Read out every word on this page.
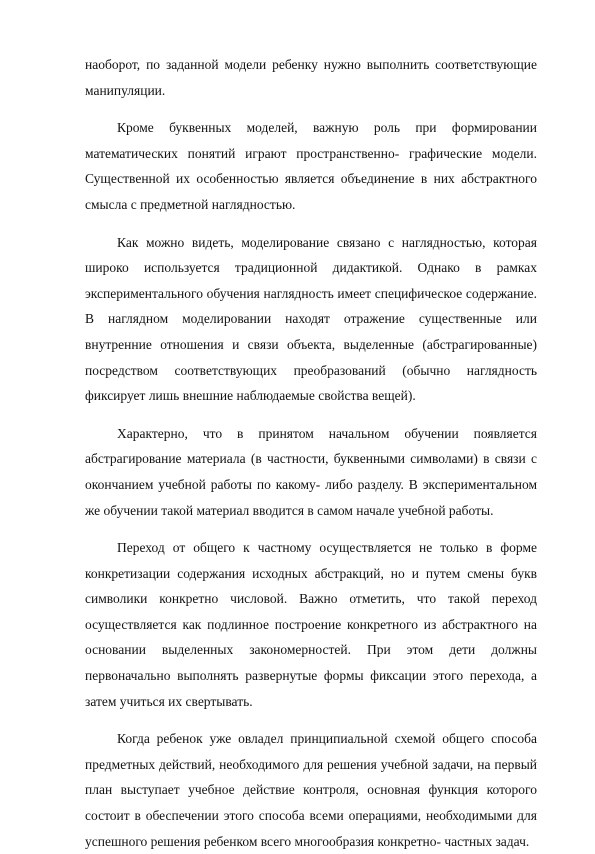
наоборот, по заданной модели ребенку нужно выполнить соответствующие манипуляции.

Кроме буквенных моделей, важную роль при формировании математических понятий играют пространственно- графические модели. Существенной их особенностью является объединение в них абстрактного смысла с предметной наглядностью.

Как можно видеть, моделирование связано с наглядностью, которая широко используется традиционной дидактикой. Однако в рамках экспериментального обучения наглядность имеет специфическое содержание. В наглядном моделировании находят отражение существенные или внутренние отношения и связи объекта, выделенные (абстрагированные) посредством соответствующих преобразований (обычно наглядность фиксирует лишь внешние наблюдаемые свойства вещей).

Характерно, что в принятом начальном обучении появляется абстрагирование материала (в частности, буквенными символами) в связи с окончанием учебной работы по какому- либо разделу. В экспериментальном же обучении такой материал вводится в самом начале учебной работы.

Переход от общего к частному осуществляется не только в форме конкретизации содержания исходных абстракций, но и путем смены букв символики конкретно числовой. Важно отметить, что такой переход осуществляется как подлинное построение конкретного из абстрактного на основании выделенных закономерностей. При этом дети должны первоначально выполнять развернутые формы фиксации этого перехода, а затем учиться их свертывать.

Когда ребенок уже овладел принципиальной схемой общего способа предметных действий, необходимого для решения учебной задачи, на первый план выступает учебное действие контроля, основная функция которого состоит в обеспечении этого способа всеми операциями, необходимыми для успешного решения ребенком всего многообразия конкретно- частных задач.
